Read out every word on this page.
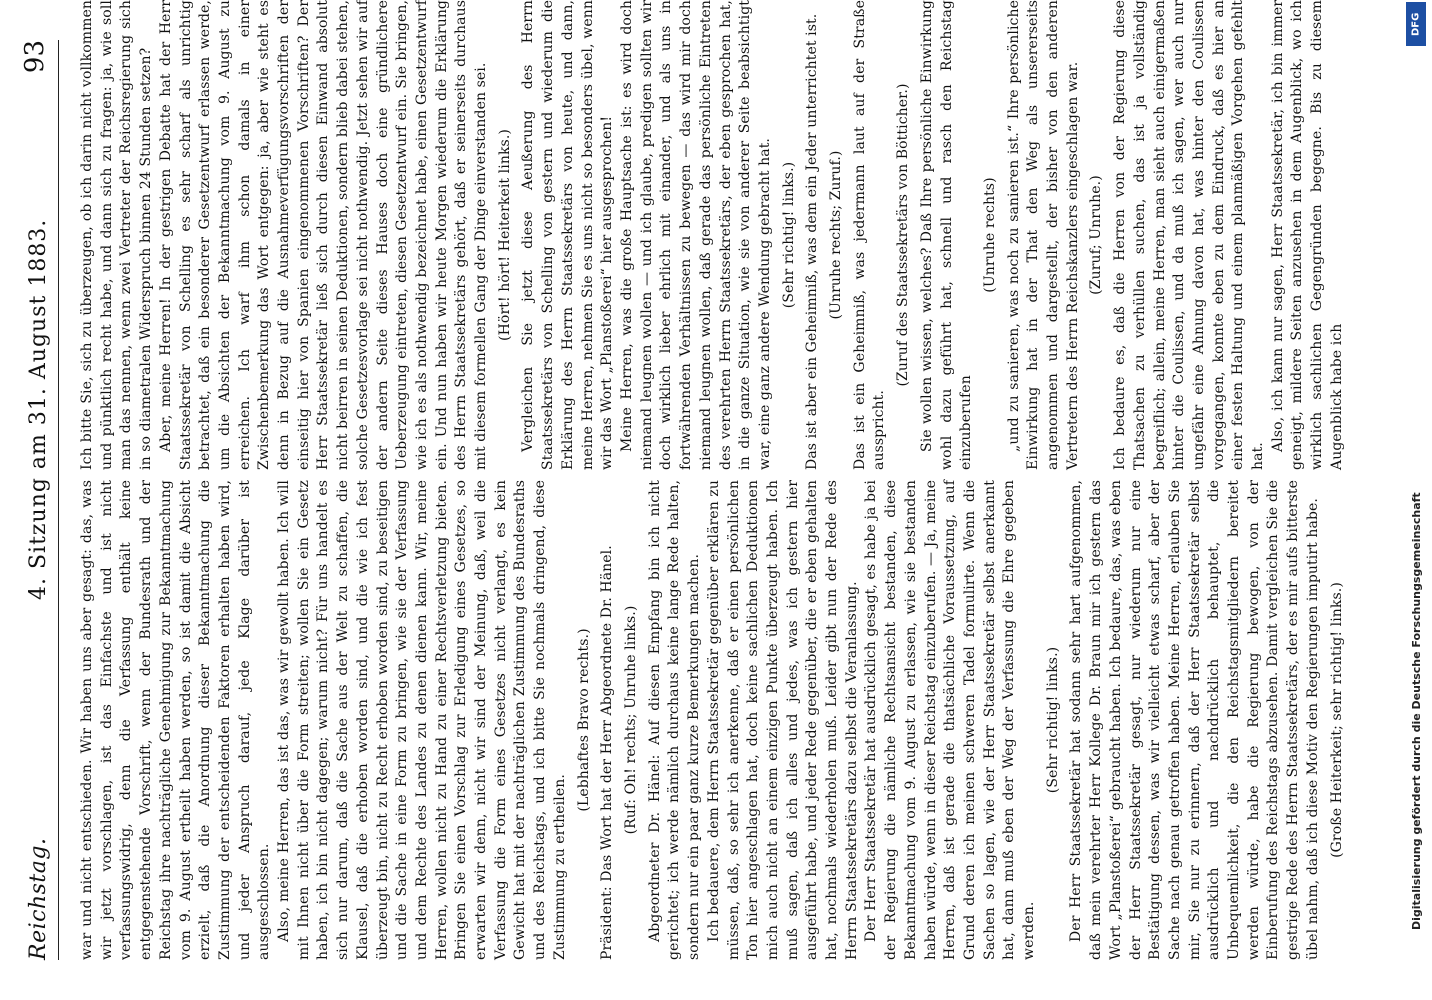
Reichstag.
4. Sitzung am 31. August 1883.
93

war und nicht entschieden. Wir haben uns aber gesagt: das, was wir jetzt vorschlagen, ist das Einfachste und ist nicht verfassungswidrig, denn die Verfassung enthält keine entgegenstehende Vorschrift, wenn der Bundesrath und der Reichstag ihre nachträgliche Genehmigung zur Bekanntmachung vom 9. August ertheilt haben werden, so ist damit die Absicht erzielt, daß die Anordnung dieser Bekanntmachung die Zustimmung der entscheidenden Faktoren erhalten haben wird, und jeder Anspruch darauf, jede Klage darüber ist ausgeschlossen. Also, meine Herren, das ist das, was wir gewollt haben. Ich will mit Ihnen nicht über die Form streiten; wollen Sie ein Gesetz haben, ich bin nicht dagegen; warum nicht? Für uns handelt es sich nur darum, daß die Sache aus der Welt zu schaffen, die Klausel, daß die erhoben worden sind, und die wie ich fest überzeugt bin, nicht zu Recht erhoben worden sind, zu beseitigen und die Sache in eine Form zu bringen, wie sie der Verfassung und dem Rechte des Landes zu denen dienen kann. Wir, meine Herren, wollen nicht zu Hand zu einer Rechtsverletzung bieten. Bringen Sie einen Vorschlag zur Erledigung eines Gesetzes, so erwarten wir denn, nicht wir sind der Meinung, daß, weil die Verfassung die Form eines Gesetzes nicht verlangt, es kein Gewicht hat mit der nachträglichen Zustimmung des Bundesraths und des Reichstags, und ich bitte Sie nochmals dringend, diese Zustimmung zu ertheilen.

(Lebhaftes Bravo rechts.) Präsident: Das Wort hat der Herr Abgeordnete Dr. Hänel. (Ruf: Oh! rechts; Unruhe links.) Abgeordneter Dr. Hänel: Auf diesen Empfang bin ich nicht gerichtet; ich werde nämlich durchaus keine lange Rede halten, sondern nur ein paar ganz kurze Bemerkungen machen. Ich bedauere, dem Herrn Staatssekretär gegenüber erklären zu müssen, daß, so sehr ich anerkenne, daß er einen persönlichen Ton hier angeschlagen hat, doch keine sachlichen Deduktionen mich auch nicht an einem einzigen Punkte überzeugt haben. Ich muß sagen, daß ich alles und jedes, was ich gestern hier ausgeführt habe, und jeder Rede gegenüber, die er eben gehalten hat, nochmals wiederholen muß. Leider gibt nun der Rede des Herrn Staatssekretärs dazu selbst die Veranlassung. Der Herr Staatssekretär hat ausdrücklich gesagt, es habe ja bei der Regierung die nämliche Rechtsansicht bestanden, diese Bekanntmachung vom 9. August zu erlassen, wie sie bestanden haben würde, wenn in dieser Reichstag einzuberufen. — Ja, meine Herren, daß ist gerade die thatsächliche Voraussetzung, auf Grund deren ich meinen schweren Tadel formulirte. Wenn die Sachen so lagen, wie der Herr Staatssekretär selbst anerkannt hat, dann muß eben der Weg der Verfassung die Ehre gegeben werden.

(Sehr richtig! links.) Der Herr Staatssekretär hat sodann sehr hart aufgenommen, daß mein verehrter Herr Kollege Dr. Braun mir ich gestern das Wort „Planstoßerei“ gebraucht haben. Ich bedaure, das, was eben der Herr Staatssekretär gesagt, nur wiederum nur eine Bestätigung dessen, was wir vielleicht etwas scharf, aber der Sache nach genau getroffen haben. Meine Herren, erlauben Sie mir, Sie nur zu erinnern, daß der Herr Staatssekretär selbst ausdrücklich und nachdrücklich behauptet, die Unbequemlichkeit, die den Reichstagsmitgliedern bereitet werden würde, habe die Regierung bewogen, von der Einberufung des Reichstags abzusehen. Damit vergleichen Sie die gestrige Rede des Herrn Staatssekretärs, der es mir aufs bitterste übel nahm, daß ich diese Motiv den Regierungen imputirt habe. (Große Heiterkeit; sehr richtig! links.)

Ich bitte Sie, sich zu überzeugen, ob ich darin nicht vollkommen und pünktlich recht habe, und dann sich zu fragen: ja, wie soll man das nennen, wenn zwei Vertreter der Reichsregierung sich in so diametralen Widerspruch binnen 24 Stunden setzen? Aber, meine Herren! In der gestrigen Debatte hat der Herr Staatssekretär von Schelling es sehr scharf als unrichtig betrachtet, daß ein besonderer Gesetzentwurf erlassen werde, um die Absichten der Bekanntmachung vom 9. August zu erreichen. Ich warf ihm schon damals in einer Zwischenbemerkung das Wort entgegen: ja, aber wie steht es denn in Bezug auf die Ausnahmeverfügungsvorschriften der einseitig hier von Spanien eingenommenen Vorschriften? Der Herr Staatssekretär ließ sich durch diesen Einwand absolut nicht beirren in seinen Deduktionen, sondern blieb dabei stehen, solche Gesetzesvorlage sei nicht nothwendig. Jetzt sehen wir auf der andern Seite dieses Hauses doch eine gründlichere Ueberzeugung eintreten, diesen Gesetzentwurf ein. Sie bringen, wie ich es als nothwendig bezeichnet habe, einen Gesetzentwurf ein. Und nun haben wir heute Morgen wiederum die Erklärung des Herrn Staatssekretärs gehört, daß er seinerseits durchaus mit diesem formellen Gang der Dinge einverstanden sei. (Hört! hört! Heiterkeit links.) Vergleichen Sie jetzt diese Aeußerung des Herrn Staatssekretärs von Schelling von gestern und wiederum die Erklärung des Herrn Staatssekretärs von heute, und dann, meine Herren, nehmen Sie es uns nicht so besonders übel, wenn wir das Wort „Planstoßerei“ hier ausgesprochen! Meine Herren, was die große Hauptsache ist: es wird doch niemand leugnen wollen — und ich glaube, predigen sollten wir doch wirklich lieber ehrlich mit einander, und als uns in fortwährenden Verhältnissen zu bewegen — das wird mir doch niemand leugnen wollen, daß gerade das persönliche Eintreten des verehrten Herrn Staatssekretärs, der eben gesprochen hat, in die ganze Situation, wie sie von anderer Seite beabsichtigt war, eine ganz andere Wendung gebracht hat. (Sehr richtig! links.) Das ist aber ein Geheimniß, was dem ein Jeder unterrichtet ist. (Unruhe rechts; Zuruf.) Das ist ein Geheimniß, was jedermann laut auf der Straße ausspricht.

(Zuruf des Staatssekretärs von Bötticher.) Sie wollen wissen, welches? Daß Ihre persönliche Einwirkung wohl dazu geführt hat, schnell und rasch den Reichstag einzuberufen

(Unruhe rechts) „und zu sanieren, was noch zu sanieren ist.“ Ihre persönliche Einwirkung hat in der That den Weg als unsererseits angenommen und dargestellt, der bisher von den anderen Vertretern des Herrn Reichskanzlers eingeschlagen war. (Zuruf; Unruhe.) Ich bedaure es, daß die Herren von der Regierung diese Thatsachen zu verhüllen suchen, das ist ja vollständig begreiflich; allein, meine Herren, man sieht auch einigermaßen hinter die Coulissen, und da muß ich sagen, wer auch nur ungefähr eine Ahnung davon hat, was hinter den Coulissen vorgegangen, konnte eben zu dem Eindruck, daß es hier an einer festen Haltung und einem planmäßigen Vorgehen gefehlt hat.

Also, ich kann nur sagen, Herr Staatssekretär, ich bin immer geneigt, mildere Seiten anzusehen in dem Augenblick, wo ich wirklich sachlichen Gegengründen begegne. Bis zu diesem Augenblick habe ich

Digitalisierung gefördert durch die Deutsche Forschungsgemeinschaft
DFG
